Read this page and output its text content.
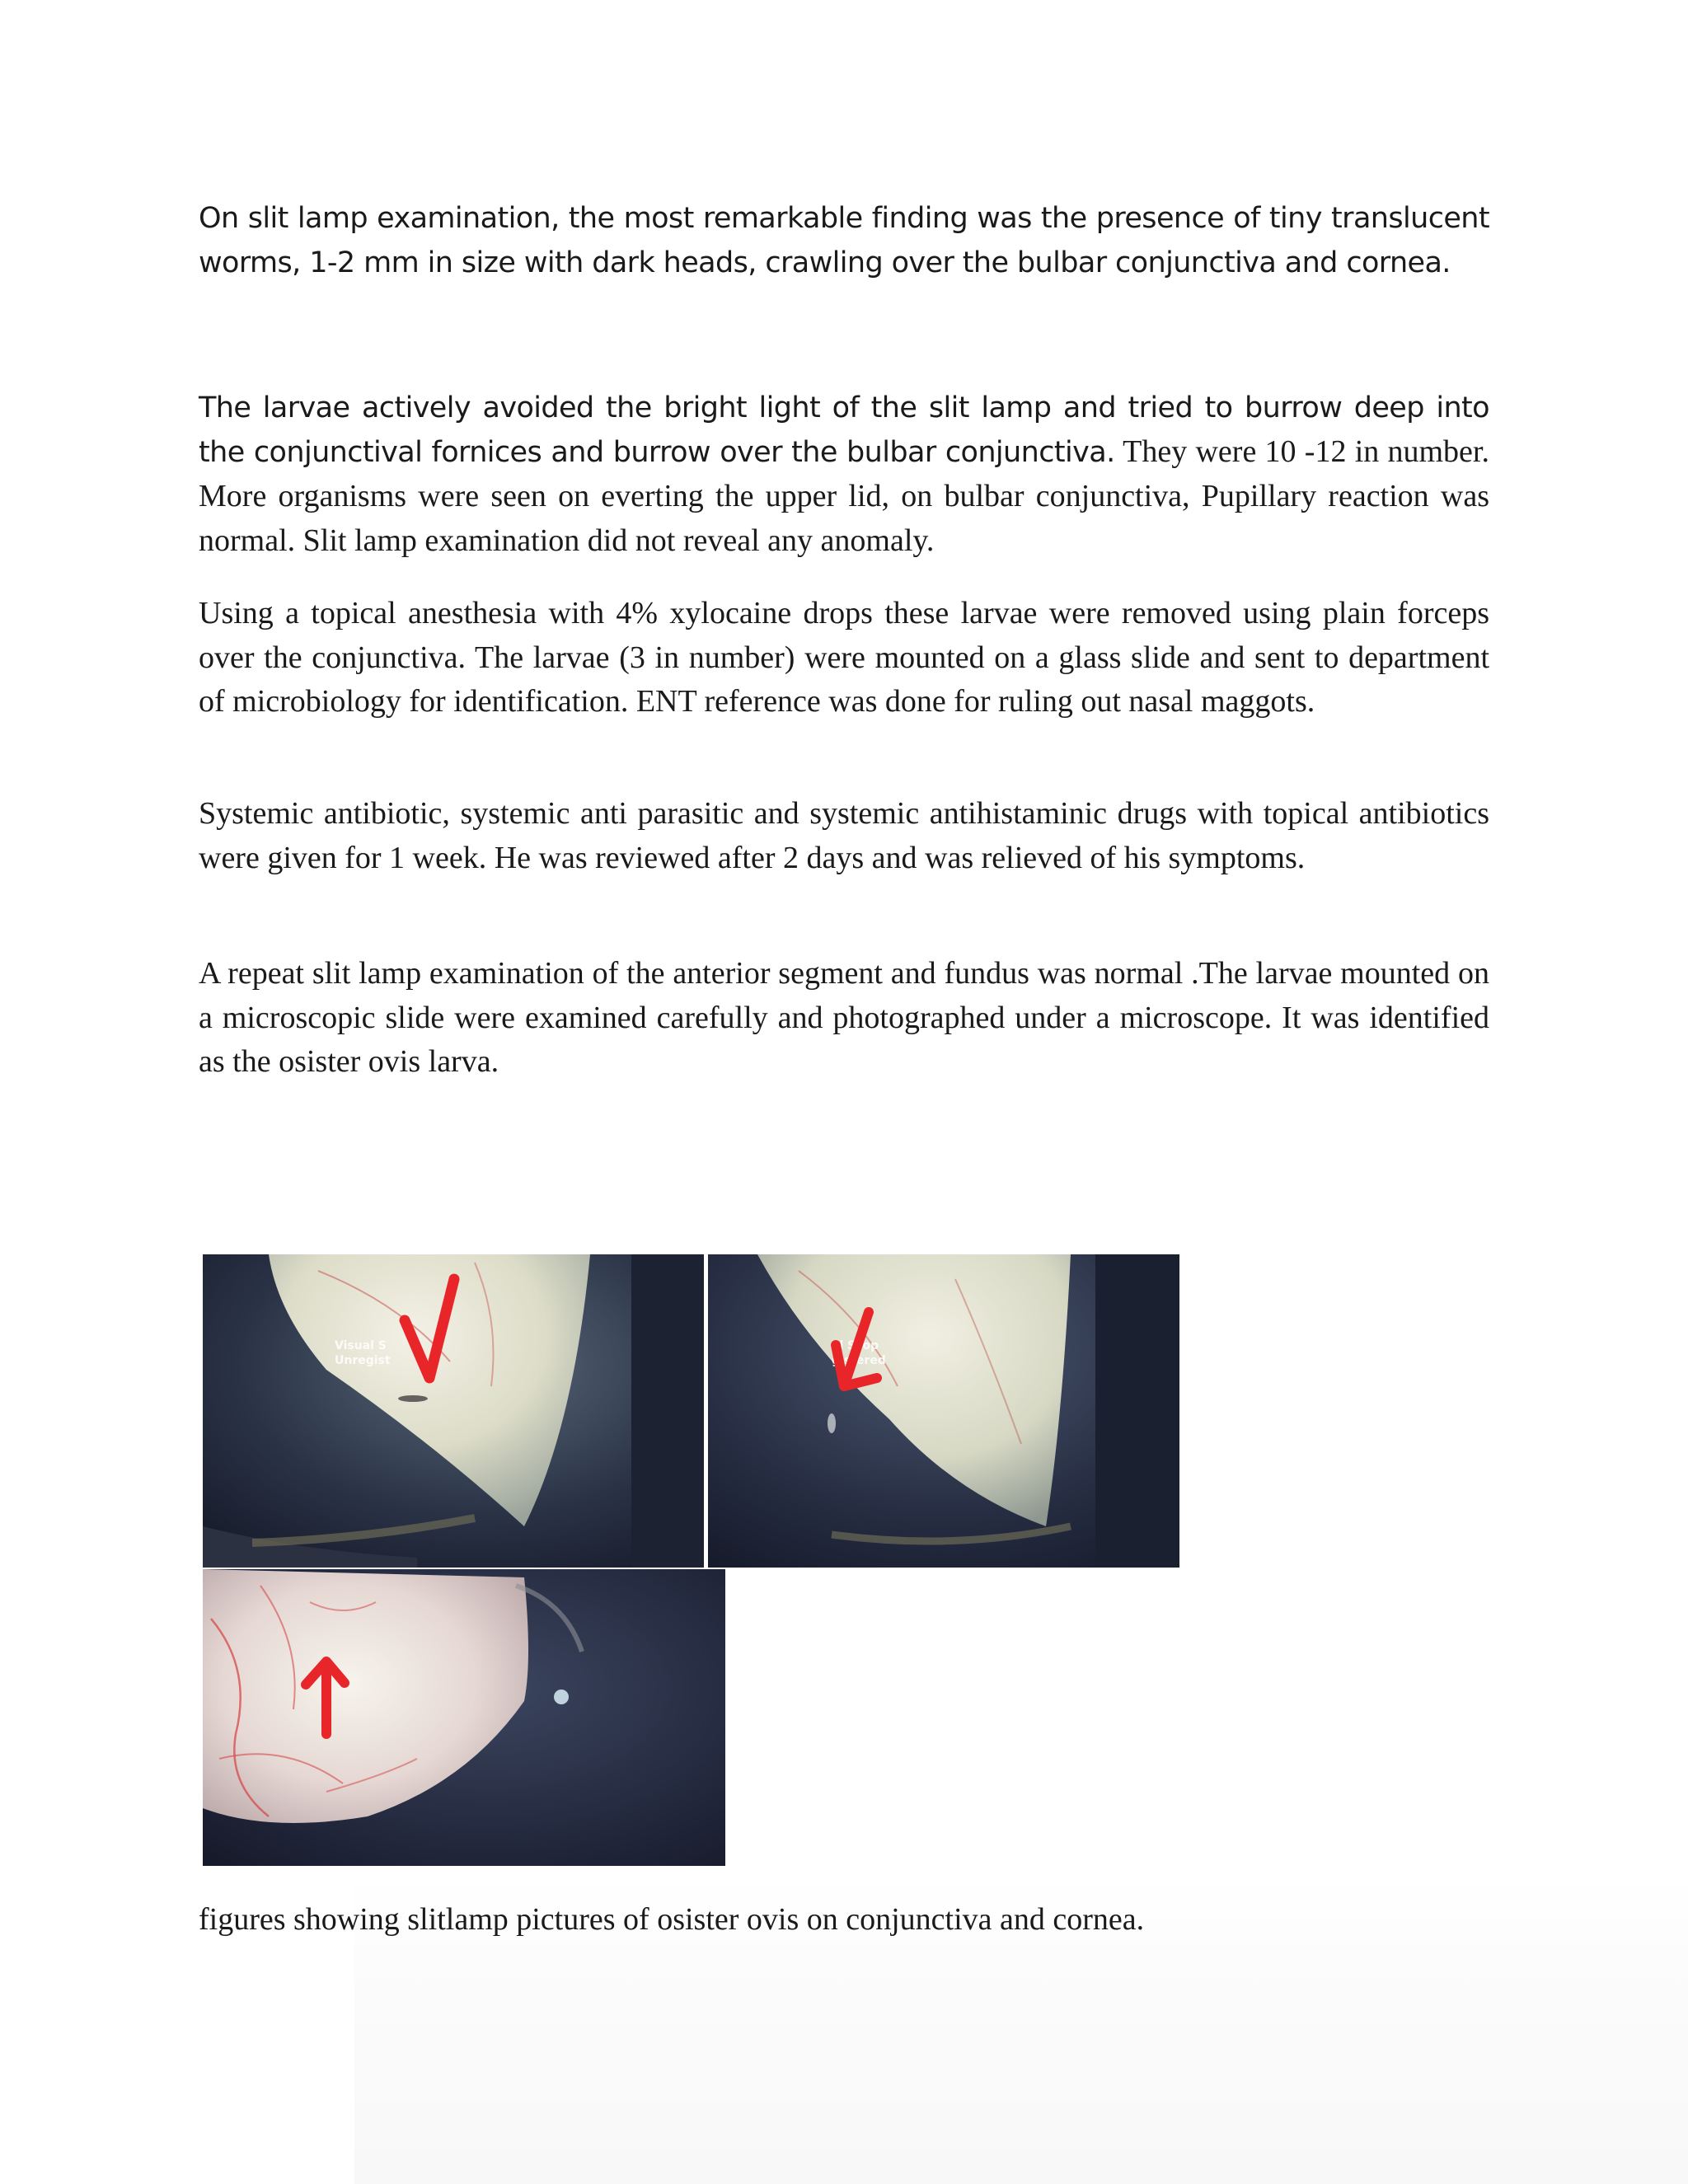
On slit lamp examination, the most remarkable finding was the presence of tiny translucent worms, 1-2 mm in size with dark heads, crawling over the bulbar conjunctiva and cornea.

The larvae actively avoided the bright light of the slit lamp and tried to burrow deep into the conjunctival fornices and burrow over the bulbar conjunctiva. They were 10 -12 in number. More organisms were seen on everting the upper lid, on bulbar conjunctiva, Pupillary reaction was normal. Slit lamp examination did not reveal any anomaly.

Using a topical anesthesia with 4% xylocaine drops these larvae were removed using plain forceps over the conjunctiva. The larvae (3 in number) were mounted on a glass slide and sent to department of microbiology for identification. ENT reference was done for ruling out nasal maggots.

Systemic antibiotic, systemic anti parasitic and systemic antihistaminic drugs with topical antibiotics were given for 1 week. He was reviewed after 2 days and was relieved of his symptoms.

A repeat slit lamp examination of the anterior segment and fundus was normal .The larvae mounted on a microscopic slide were examined carefully and photographed under a microscope. It was identified as the osister ovis larva.

Visual S
Unregist
al Scop
gistered

figures showing slitlamp pictures of osister ovis on conjunctiva and cornea.
